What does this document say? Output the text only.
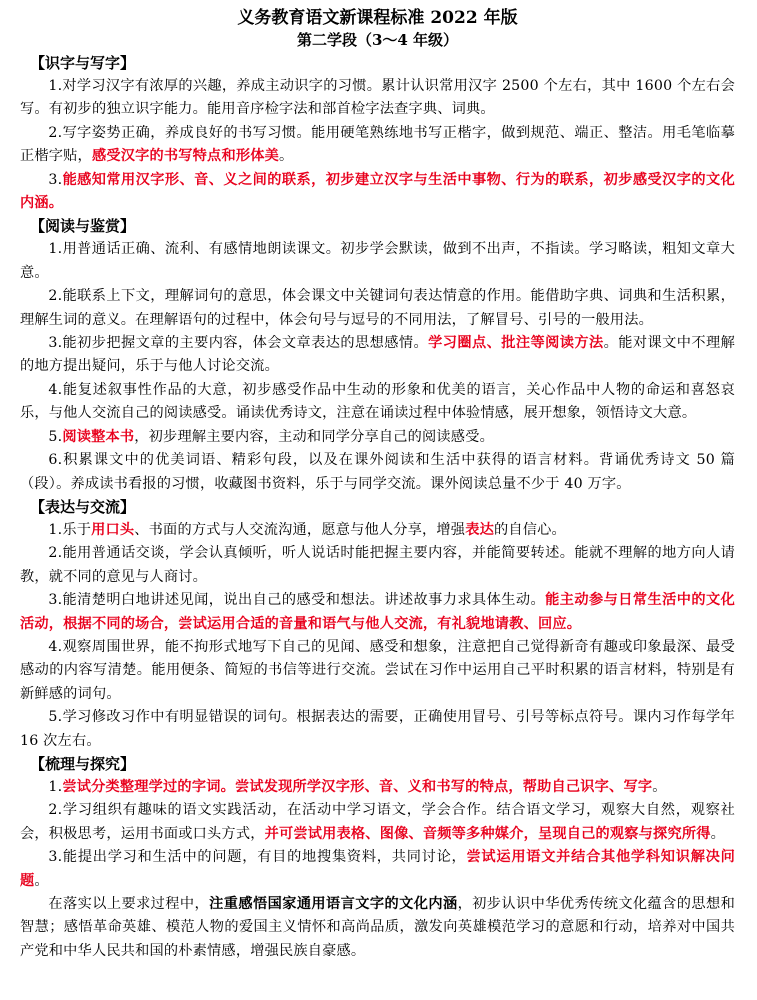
义务教育语文新课程标准 2022 年版
第二学段（3～4 年级）
【识字与写字】

1.对学习汉字有浓厚的兴趣，养成主动识字的习惯。累计认识常用汉字 2500 个左右，其中 1600 个左右会写。有初步的独立识字能力。能用音序检字法和部首检字法查字典、词典。

2.写字姿势正确，养成良好的书写习惯。能用硬笔熟练地书写正楷字，做到规范、端正、整洁。用毛笔临摹正楷字贴，感受汉字的书写特点和形体美。

3.能感知常用汉字形、音、义之间的联系，初步建立汉字与生活中事物、行为的联系，初步感受汉字的文化内涵。

【阅读与鉴赏】

1.用普通话正确、流利、有感情地朗读课文。初步学会默读，做到不出声，不指读。学习略读，粗知文章大意。

2.能联系上下文，理解词句的意思，体会课文中关键词句表达情意的作用。能借助字典、词典和生活积累，理解生词的意义。在理解语句的过程中，体会句号与逗号的不同用法，了解冒号、引号的一般用法。

3.能初步把握文章的主要内容，体会文章表达的思想感情。学习圈点、批注等阅读方法。能对课文中不理解的地方提出疑问，乐于与他人讨论交流。

4.能复述叙事性作品的大意，初步感受作品中生动的形象和优美的语言，关心作品中人物的命运和喜怒哀乐，与他人交流自己的阅读感受。诵读优秀诗文，注意在诵读过程中体验情感，展开想象，领悟诗文大意。

5.阅读整本书，初步理解主要内容，主动和同学分享自己的阅读感受。

6.积累课文中的优美词语、精彩句段，以及在课外阅读和生活中获得的语言材料。背诵优秀诗文 50 篇（段）。养成读书看报的习惯，收藏图书资料，乐于与同学交流。课外阅读总量不少于 40 万字。

【表达与交流】

1.乐于用口头、书面的方式与人交流沟通，愿意与他人分享，增强表达的自信心。

2.能用普通话交谈，学会认真倾听，听人说话时能把握主要内容，并能简要转述。能就不理解的地方向人请教，就不同的意见与人商讨。

3.能清楚明白地讲述见闻，说出自己的感受和想法。讲述故事力求具体生动。能主动参与日常生活中的文化活动，根据不同的场合，尝试运用合适的音量和语气与他人交流，有礼貌地请教、回应。

4.观察周围世界，能不拘形式地写下自己的见闻、感受和想象，注意把自己觉得新奇有趣或印象最深、最受感动的内容写清楚。能用便条、简短的书信等进行交流。尝试在习作中运用自己平时积累的语言材料，特别是有新鲜感的词句。

5.学习修改习作中有明显错误的词句。根据表达的需要，正确使用冒号、引号等标点符号。课内习作每学年 16 次左右。

【梳理与探究】

1.尝试分类整理学过的字词。尝试发现所学汉字形、音、义和书写的特点，帮助自己识字、写字。

2.学习组织有趣味的语文实践活动，在活动中学习语文，学会合作。结合语文学习，观察大自然，观察社会，积极思考，运用书面或口头方式，并可尝试用表格、图像、音频等多种媒介，呈现自己的观察与探究所得。

3.能提出学习和生活中的问题，有目的地搜集资料，共同讨论，尝试运用语文并结合其他学科知识解决问题。

在落实以上要求过程中，注重感悟国家通用语言文字的文化内涵，初步认识中华优秀传统文化蕴含的思想和智慧；感悟革命英雄、模范人物的爱国主义情怀和高尚品质，激发向英雄模范学习的意愿和行动，培养对中国共产党和中华人民共和国的朴素情感，增强民族自豪感。
